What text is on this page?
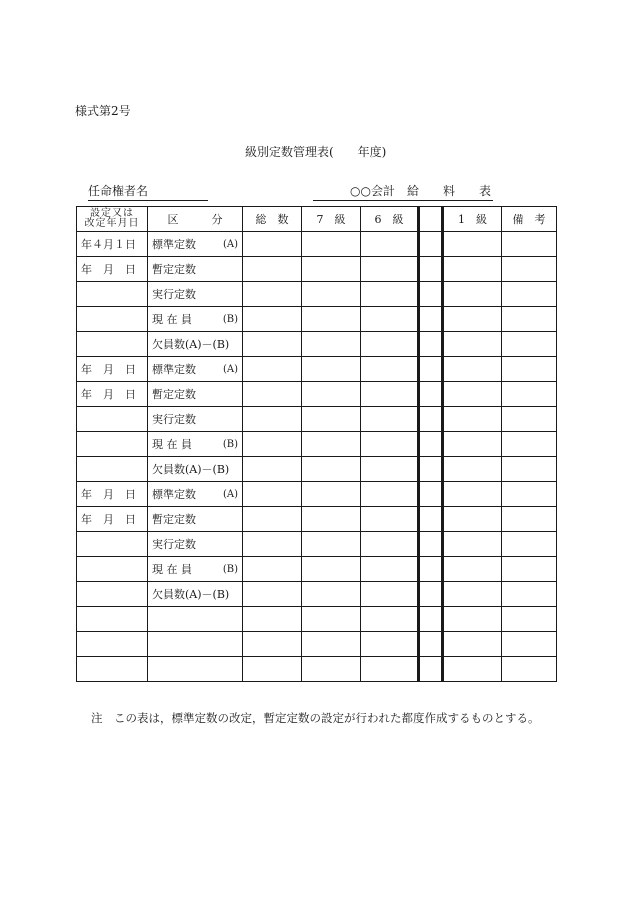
様式第2号
級別定数管理表(　　年度)
任命権者名	○○会計　給　　料　　表
設定又は
改定年月日	区　　　分	総　数	7　級	6　級		1　級	備　考
年４月１日	標準定数 (A)						

年　月　日	暫定定数						

	実行定数						

	現 在 員 (B)						

	欠員数(A)－(B)						

年　月　日	標準定数 (A)						

年　月　日	暫定定数						

	実行定数						

	現 在 員 (B)						

	欠員数(A)－(B)						

年　月　日	標準定数 (A)						

年　月　日	暫定定数						

	実行定数						

	現 在 員 (B)						

	欠員数(A)－(B)						

注　この表は，標準定数の改定，暫定定数の設定が行われた都度作成するものとする。
